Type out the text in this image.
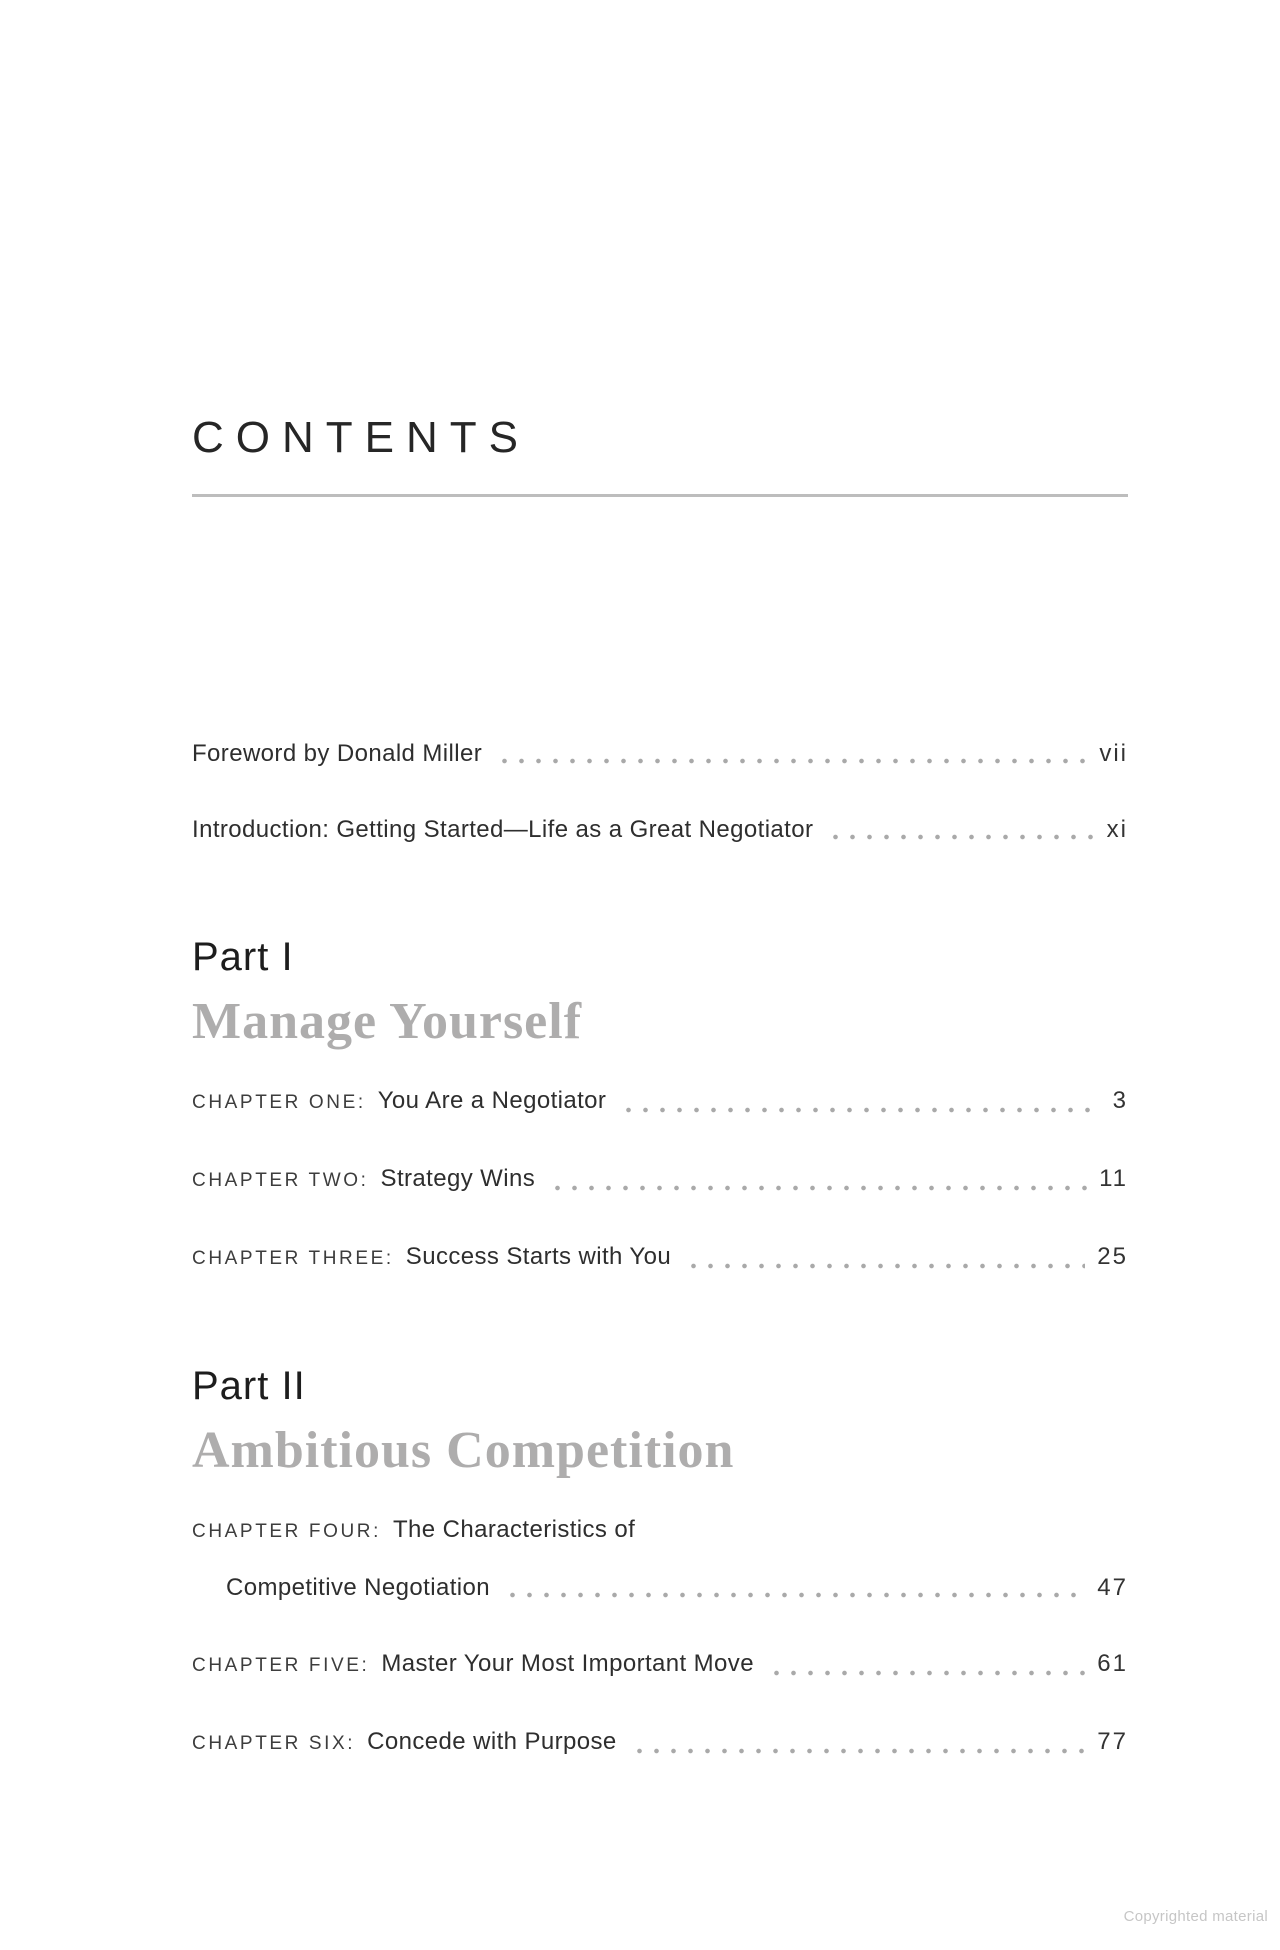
CONTENTS
Foreword by Donald Miller	vii
Introduction: Getting Started—Life as a Great Negotiator	xi
Part I
Manage Yourself
CHAPTER ONE: You Are a Negotiator	3
CHAPTER TWO: Strategy Wins	11
CHAPTER THREE: Success Starts with You	25
Part II
Ambitious Competition
CHAPTER FOUR: The Characteristics of
Competitive Negotiation	47
CHAPTER FIVE: Master Your Most Important Move	61
CHAPTER SIX: Concede with Purpose	77
Copyrighted material
